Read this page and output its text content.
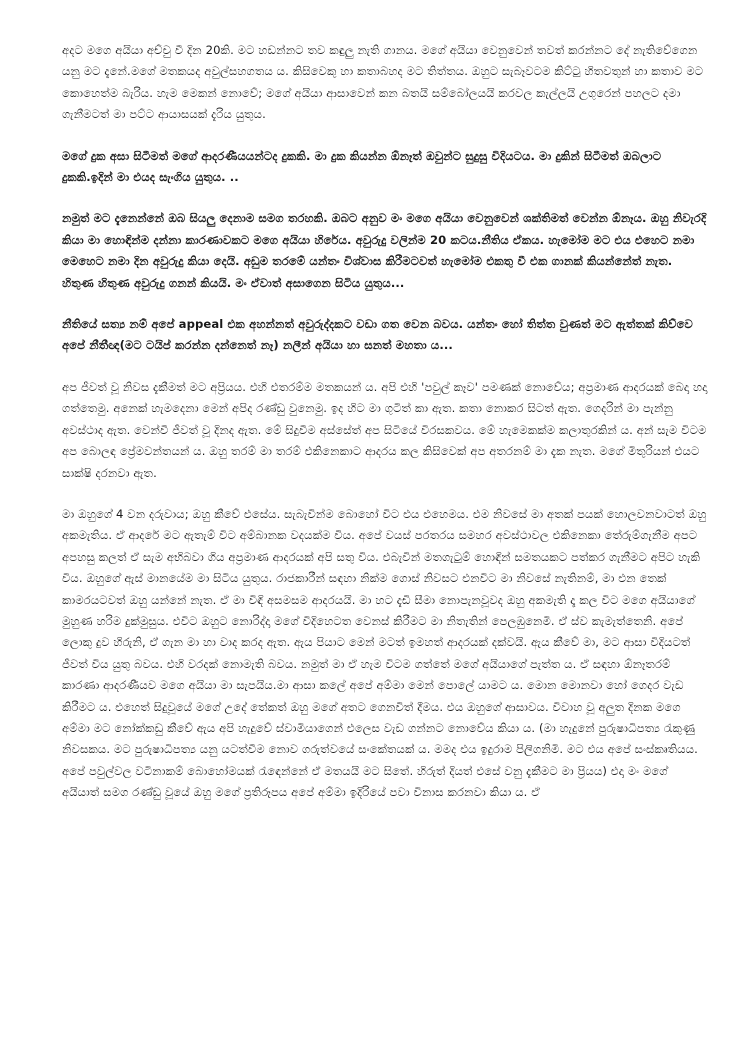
අදට මගෙ අයියා අච්චු වී දින 20කි. මට හඩන්නට තව කඳුලු නැති ගානය. මගේ අයියා වෙනුවෙන් තවත් කරන්නට දේ නැතිවේගෙන යනු මට දැනේ.මගේ මතකයද අවුල්සහගතය ය. කිසිවෙකු හා කතාබහද මට තිත්තය. ඔහුට සැබෑවටම කිට්ටු හිතවතුන් හා කතාව මට කොහෙත්ම බැරිය. හැම මෙකන් නොවේ; මගේ අයියා ආසාවෙන් කන බතයි සම්බෝලයයි කරවල කැල්ලයි උගුරෙන් පහලට දමා ගැනීමටත් මා පට්ට ආයාසයක් දැරිය යුතුය.

මගේ දුක අසා සිටීමත් මගේ ආදරණීයයන්ටද දුකකි. මා දුක කියන්න ඕනෑත් ඔවුන්ට සුදුසු විදියටය. මා දුකින් සිටීමත් ඔබලාට දුකකි.ඉදින් මා එයද සැංගිය යුතුය. ..

නමුත් මට දැනෙන්නේ ඔබ සියලු දෙනාම සමග තරහකි. ඔබට අනුව මං මගෙ අයියා වෙනුවෙන් ශක්තිමත් වෙන්න ඕනෑය. ඔහු නිවැරදි කියා මා හොඳින්ම දන්නා කාරණාවකට මගෙ අයියා හිරේය. අවුරුදු වලින්ම 20 කටය.නීතිය ඒකය. හැමෝම මට එය එහෙට නමා මෙහෙට නමා දින අවුරුදු කියා දෙයි. අඩුම තරමේ යන්තං විශ්වාස කිරීමටවත් හැමෝම එකතු වී එක ගානක් කියන්නේත් නැත. හිතුණ හිතුණ අවුරුදු ගනන් කියයි. මං ඒවාත් අසාගෙන සිටිය යුතුය...

නීතියේ සත්‍ය නම් අපේ appeal එක අහන්නත් අවුරුද්දකට වඩා ගත වෙන බවය. යන්තං හෝ තිත්ත වුණත් මට ඇත්තක් කිව්වෙ අපේ නීතීඥ(මට ටයිප් කරන්න දන්නෙත් නෑ) නලීන් අයියා හා සනත් මහතා ය...

අප ජීවත් වූ නිවස දැකීමත් මට අප්‍රියය. එහි එතරම්ම මතකයන් ය. අපි එහි 'පවුල් කෑව' පමණක් නොවේය; අප්‍රමාණ ආදරයක් බෙදා හදා ගත්තෙමු. අනෙක් හැමදෙනා මෙන් අපිද රණ්ඩු වුනෙමු. ඉද හිට මා ගුටිත් කා ඇත. කතා නොකර සිටත් ඇත. ගෙදරින් මා පැන්නු අවස්ථාද ඇත. වෙන්වී ජීවත් වූ දිනද ඇත. මේ සිදුවීම අස්සේත් අප සිටියේ විරසකවය. මේ හැමෙකක්ම කලාතුරකින් ය. අන් සැම විටම අප බොලඳ ප්‍රේමවන්තයන් ය. ඔහු තරම් මා තරම් එකිනෙකාට ආදරය කල කිසිවෙක් අප අතරනම් මා දැක නැත. මගේ මිතුරියන් එයට සාක්ෂි දරනවා ඇත.

මා ඔහුගේ 4 වන දරුවාය; ඔහු කීවේ එසේය. සැබැවින්ම බොහෝ විට එය එහෙමය. එම නිවසේ මා අතක් පයක් හොලවනවාටත් ඔහු අකමැතිය. ඒ ආදරේ මට ඇතැම් විට අම්බානක වදයක්ම විය. අපේ වයස් පරතරය සමහර අවස්ථාවල එකිනෙකා තේරුම්ගැනීම අපට අපහසු කලත් ඒ සැම අභිබවා ගිය අප්‍රමාණ ආදරයක් අපි සතු විය. එබැවින් මතගැටුම් හොඳින් සමතයකට පත්කර ගැනීමට අපිට හැකි විය. ඔහුගේ ඇස් මානයේම මා සිටිය යුතුය. රාජකාරීන් සඳහා නික්ම ගොස් නිවසට එනවිට මා නිවසේ නැතිනම්, මා එන තෙක් කාමරයටවත් ඔහු යන්නේ නැත. ඒ මා විඳි අසමසම ආදරයයි. මා හට දැඩි සීමා නොපැනවූවද ඔහු අකමැති දෑ කල විට මගෙ අයියාගේ මුහුණ හරිම දුක්මුසුය. එවිට ඔහුට නොරිද්දා මගේ විදිහෙටත වෙනස් කිරීමට මා නිතැතින් පෙලඹුනෙමි. ඒ ස්ව කැමැත්තෙනි. අපේ ලොකු දුව හිරුනි, ඒ ගැන මා හා වාද කරද ඇත. ඇය පියාට මෙන් මටත් ඉමහත් ආදරයක් දක්වයි. ඇය කීවේ මා, මට ආසා විදියටත් ජීවත් විය යුතු බවය. එහි වරදක් නොමැති බවය. නමුත් මා ඒ හැම විටම ගත්තේ මගේ අයියාගේ පැත්ත ය. ඒ සඳහා ඕනෑතරම් කාරණා ආදරණීයව මගෙ අයියා මා සැපයිය.මා ආසා කලේ අපේ අම්මා මෙන් පොලේ යාමට ය. මොන මොනවා හෝ ගෙදර වැඩ කිරීමට ය. එහෙත් සිදුවූයේ මගේ උදේ තේකත් ඔහු මගේ අතට ගෙනවිත් දීමය. එය ඔහුගේ ආසාවය. විවාහ වූ අලුත දිනක මගෙ අම්මා මට නෝක්කඩු කීවේ ඇය අපි හැදුවේ ස්වාමියාගෙන් එලෙස වැඩ ගන්නට නොවේය කියා ය. (මා හැදුනේ පුරුෂාධිපත්‍ය රැකුණු නිවසකය. මට පුරුෂාධිපත්‍ය යනු යටත්වීම නොව ගරුත්වයේ සංකේතයක් ය. මමද එය ඉදුරාම පිලිගනිමි. මට එය අපේ සංස්කෘතියය. අපේ පවුල්වල වටිනාකම් බොහෝමයක් රැඳෙන්නේ ඒ මතයයි මට සිතේ. හිරුත් දියත් එසේ වනු දැකීමට මා ප්‍රියය) එදා මං මගේ අයියාත් සමග රණ්ඩු වූයේ ඔහු මගේ ප්‍රතිරූපය අපේ අම්මා ඉදිරියේ පවා විනාස කරනවා කියා ය. ඒ
